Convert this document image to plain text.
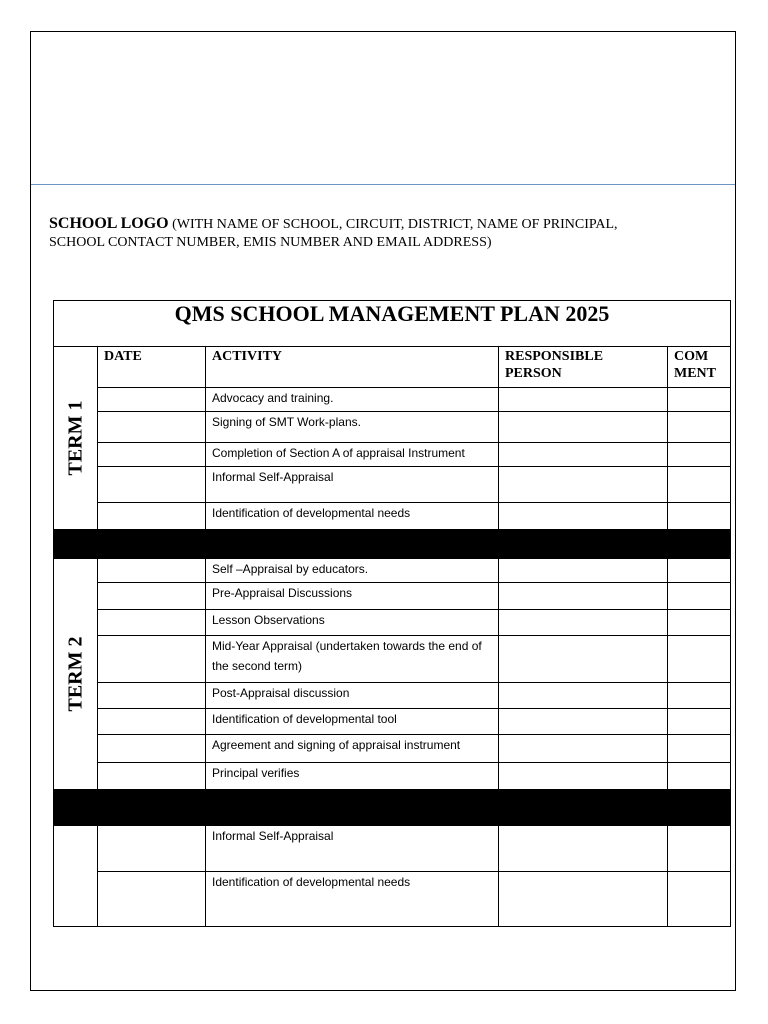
SCHOOL LOGO (WITH NAME OF SCHOOL, CIRCUIT, DISTRICT, NAME OF PRINCIPAL, SCHOOL CONTACT NUMBER, EMIS NUMBER AND EMAIL ADDRESS)
QMS SCHOOL MANAGEMENT PLAN 2025				

TERM 1	DATE	ACTIVITY	RESPONSIBLE PERSON	COM MENT
		Advocacy and training.		
		Signing of SMT Work-plans.		
		Completion of Section A of appraisal Instrument		
		Informal Self-Appraisal		
		Identification of developmental needs		

TERM 2		Self –Appraisal by educators.		
		Pre-Appraisal Discussions		
		Lesson Observations		
		Mid-Year Appraisal (undertaken towards the end of the second term)		
		Post-Appraisal discussion		
		Identification of developmental tool		
		Agreement and signing of appraisal instrument		
		Principal verifies		

		Informal Self-Appraisal		
		Identification of developmental needs		
